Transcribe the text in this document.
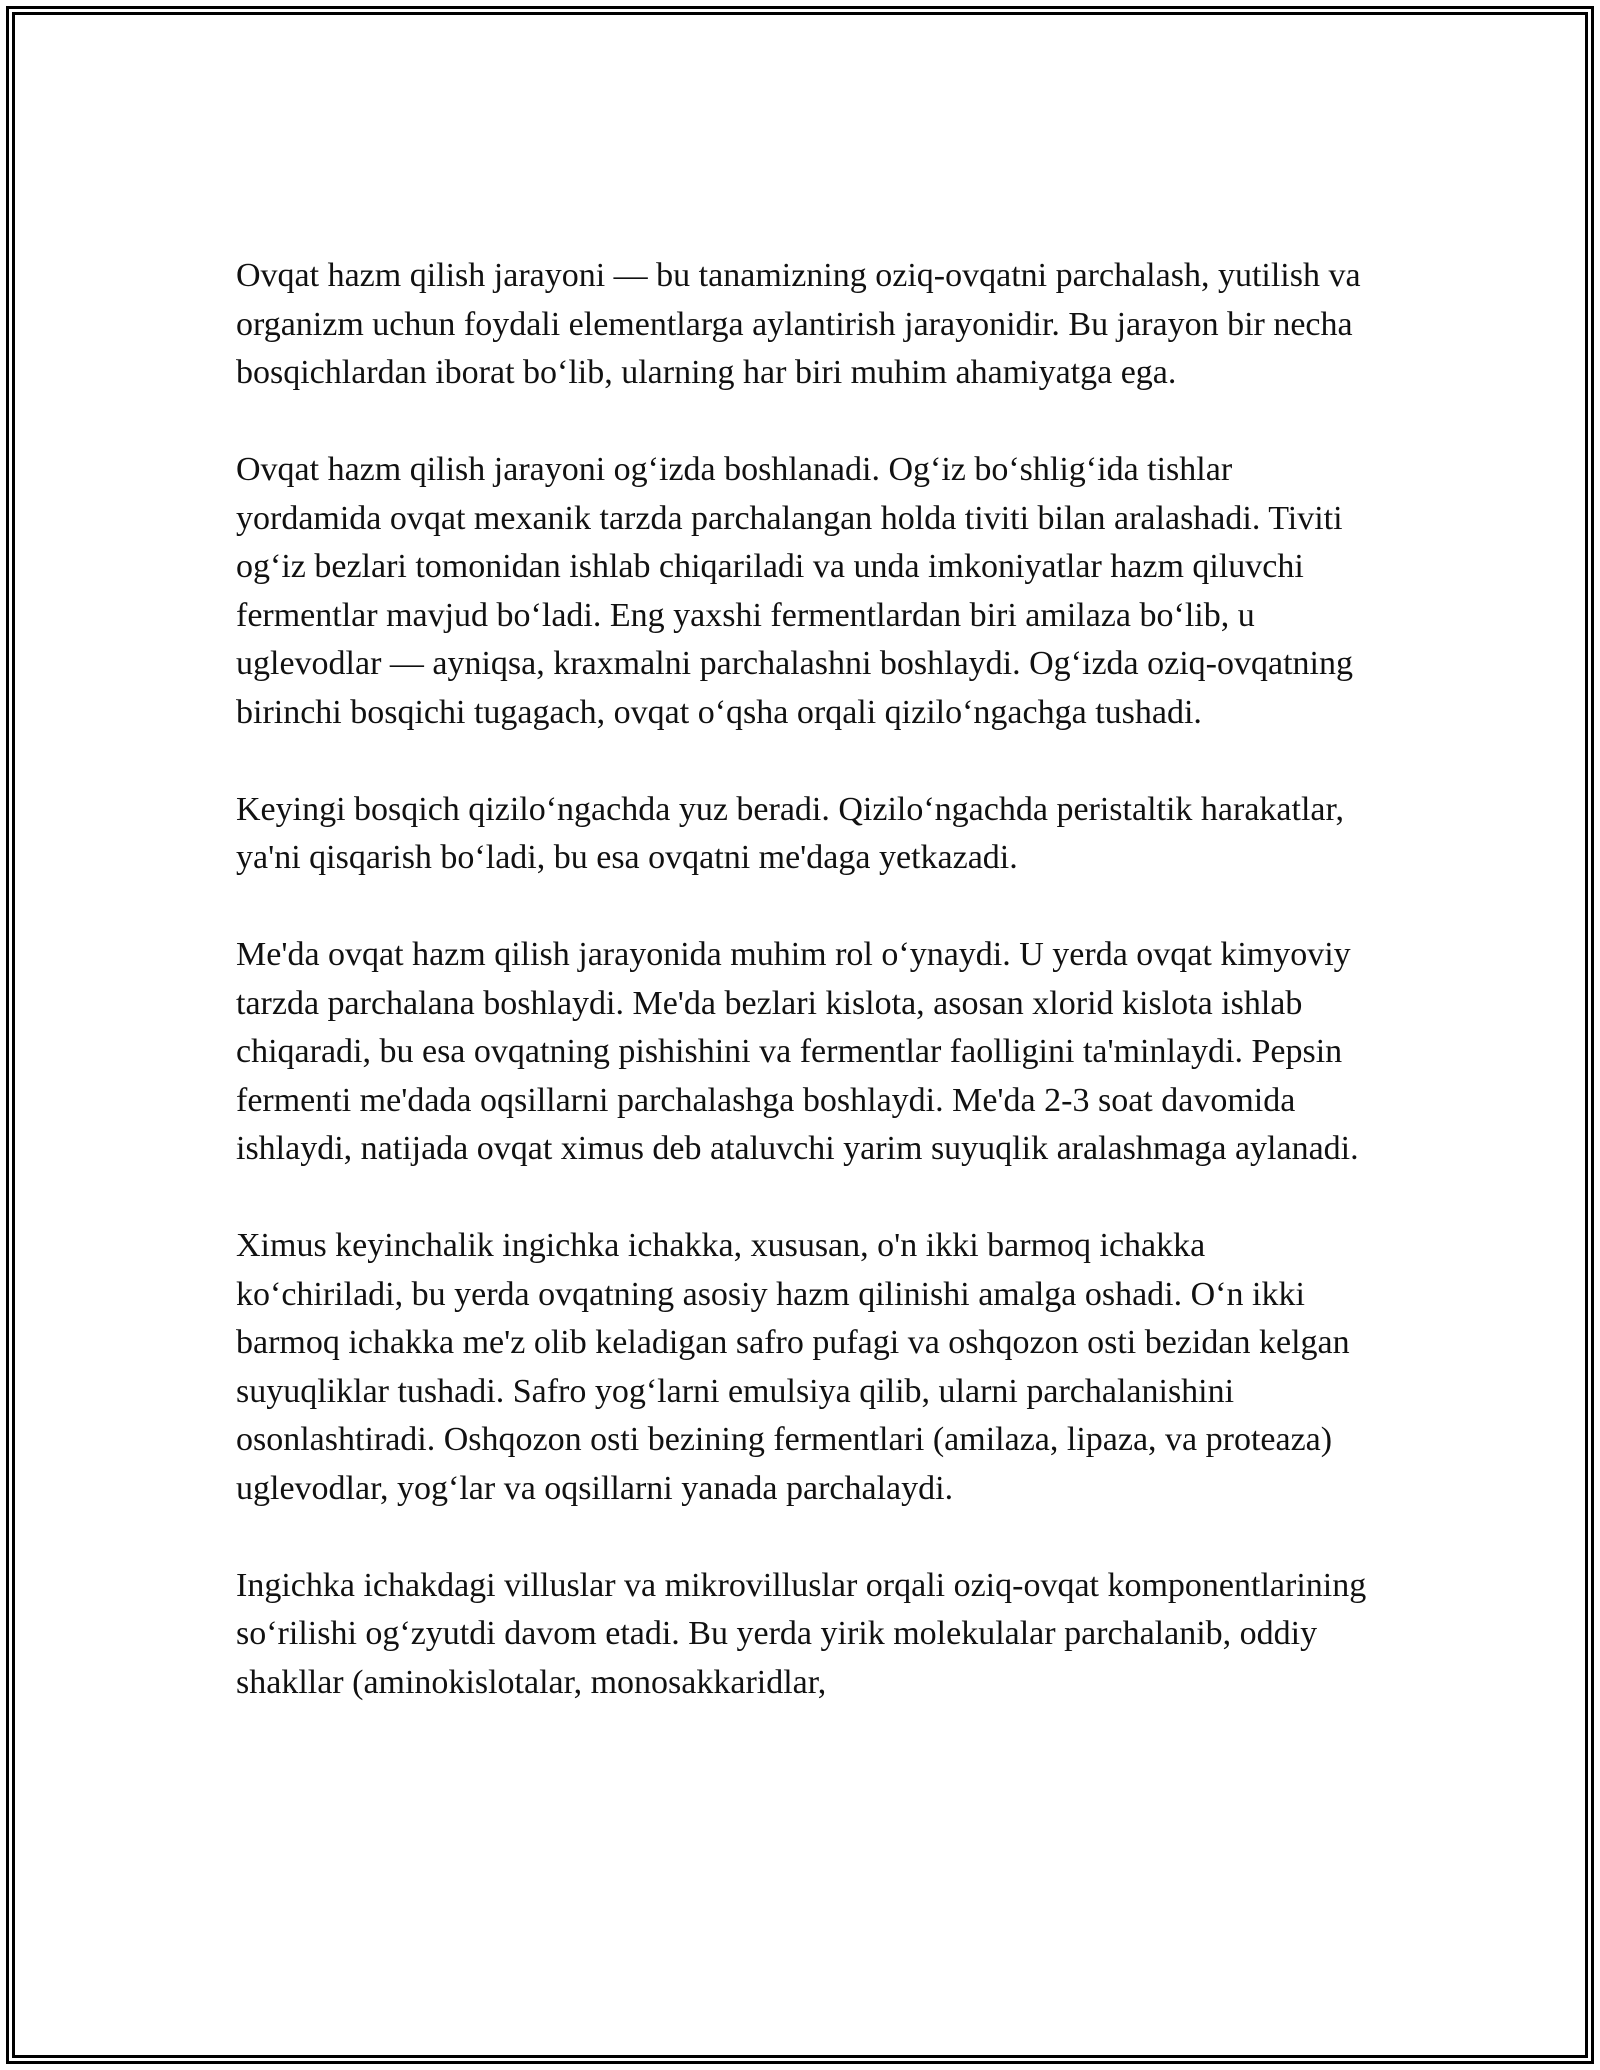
Ovqat hazm qilish jarayoni — bu tanamizning oziq-ovqatni parchalash, yutilish va organizm uchun foydali elementlarga aylantirish jarayonidir. Bu jarayon bir necha bosqichlardan iborat bo‘lib, ularning har biri muhim ahamiyatga ega.

Ovqat hazm qilish jarayoni og‘izda boshlanadi. Og‘iz bo‘shlig‘ida tishlar yordamida ovqat mexanik tarzda parchalangan holda tiviti bilan aralashadi. Tiviti og‘iz bezlari tomonidan ishlab chiqariladi va unda imkoniyatlar hazm qiluvchi fermentlar mavjud bo‘ladi. Eng yaxshi fermentlardan biri amilaza bo‘lib, u uglevodlar — ayniqsa, kraxmalni parchalashni boshlaydi. Og‘izda oziq-ovqatning birinchi bosqichi tugagach, ovqat o‘qsha orqali qizilo‘ngachga tushadi.

Keyingi bosqich qizilo‘ngachda yuz beradi. Qizilo‘ngachda peristaltik harakatlar, ya'ni qisqarish bo‘ladi, bu esa ovqatni me'daga yetkazadi.

Me'da ovqat hazm qilish jarayonida muhim rol o‘ynaydi. U yerda ovqat kimyoviy tarzda parchalana boshlaydi. Me'da bezlari kislota, asosan xlorid kislota ishlab chiqaradi, bu esa ovqatning pishishini va fermentlar faolligini ta'minlaydi. Pepsin fermenti me'dada oqsillarni parchalashga boshlaydi. Me'da 2-3 soat davomida ishlaydi, natijada ovqat ximus deb ataluvchi yarim suyuqlik aralashmaga aylanadi.

Ximus keyinchalik ingichka ichakka, xususan, o'n ikki barmoq ichakka ko‘chiriladi, bu yerda ovqatning asosiy hazm qilinishi amalga oshadi. O‘n ikki barmoq ichakka me'z olib keladigan safro pufagi va oshqozon osti bezidan kelgan suyuqliklar tushadi. Safro yog‘larni emulsiya qilib, ularni parchalanishini osonlashtiradi. Oshqozon osti bezining fermentlari (amilaza, lipaza, va proteaza) uglevodlar, yog‘lar va oqsillarni yanada parchalaydi.

Ingichka ichakdagi villuslar va mikrovilluslar orqali oziq-ovqat komponentlarining so‘rilishi og‘zyutdi davom etadi. Bu yerda yirik molekulalar parchalanib, oddiy shakllar (aminokislotalar, monosakkaridlar,
